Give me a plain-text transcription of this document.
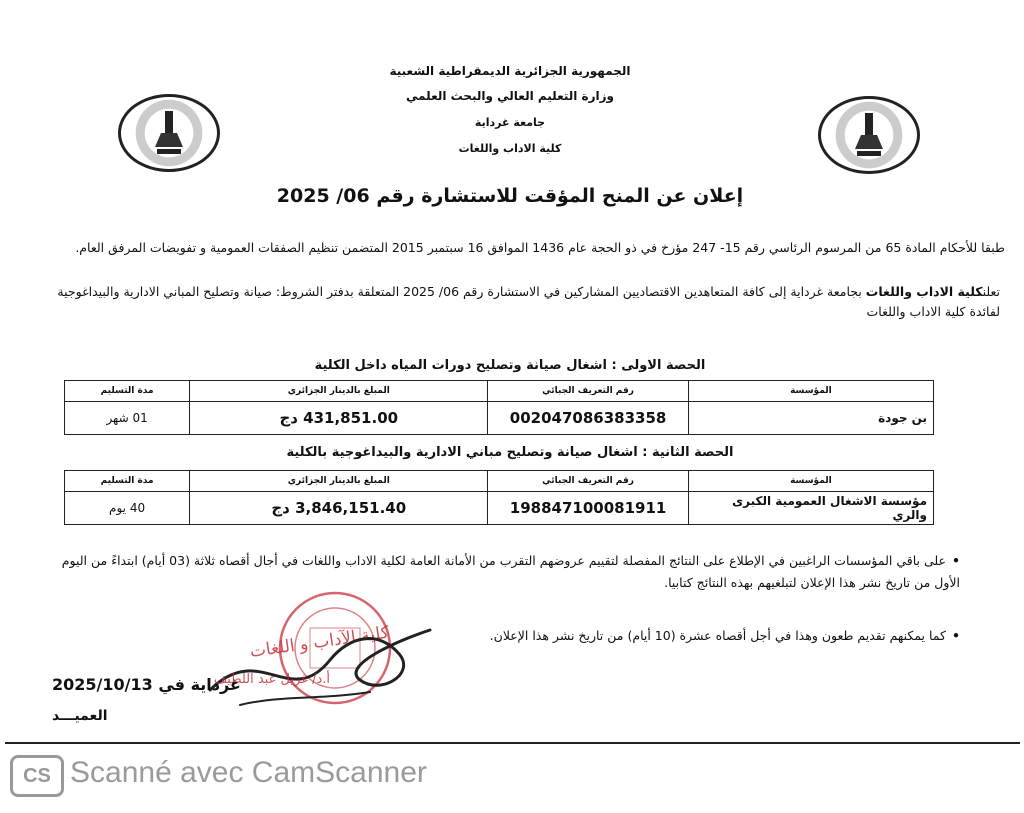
الجمهورية الجزائرية الديمقراطية الشعبية
وزارة التعليم العالي والبحث العلمي
جامعة غرداية
كلية الاداب واللغات
إعلان عن المنح المؤقت للاستشارة رقم 06/ 2025
طبقا للأحكام المادة 65 من المرسوم الرئاسي رقم 15- 247 مؤرخ في ذو الحجة عام 1436 الموافق 16 سبتمبر 2015 المتضمن تنظيم الصفقات العمومية و تفويضات المرفق العام.
تعلنكلية الاداب واللغات بجامعة غرداية إلى كافة المتعاهدين الاقتصاديين المشاركين في الاستشارة رقم 06/ 2025 المتعلقة بدفتر الشروط: صيانة وتصليح المباني الادارية والبيداغوجية
لفائدة كلية الاداب واللغات
الحصة الاولى : اشغال صيانة وتصليح دورات المياه داخل الكلية
المؤسسة	رقم التعريف الجبائي	المبلغ بالدينار الجزائري	مدة التسليم
بن جودة	002047086383358	431,851.00 دج	01 شهر
الحصة الثانية : اشغال صيانة وتصليح مباني الادارية والبيداغوجية بالكلية
المؤسسة	رقم التعريف الجبائي	المبلغ بالدينار الجزائري	مدة التسليم
مؤسسة الاشغال العمومية الكبرى والري	198847100081911	3,846,151.40 دج	40 يوم
•على باقي المؤسسات الراغبين في الإطلاع على النتائج المفصلة لتقييم عروضهم التقرب من الأمانة العامة لكلية الاداب واللغات في أجال أقصاه ثلاثة (03 أيام) ابتداءً من اليوم
الأول من تاريخ نشر هذا الإعلان لتبلغيهم بهذه النتائج كتابيا.
•كما يمكنهم تقديم طعون وهذا في أجل أقصاه عشرة (10 أيام) من تاريخ نشر هذا الإعلان.
كلية الآداب و اللغات
أ.د/ غزيل عبد اللطيف
2025/10/13 غرداية في
العميـــد
CS Scanné avec CamScanner
